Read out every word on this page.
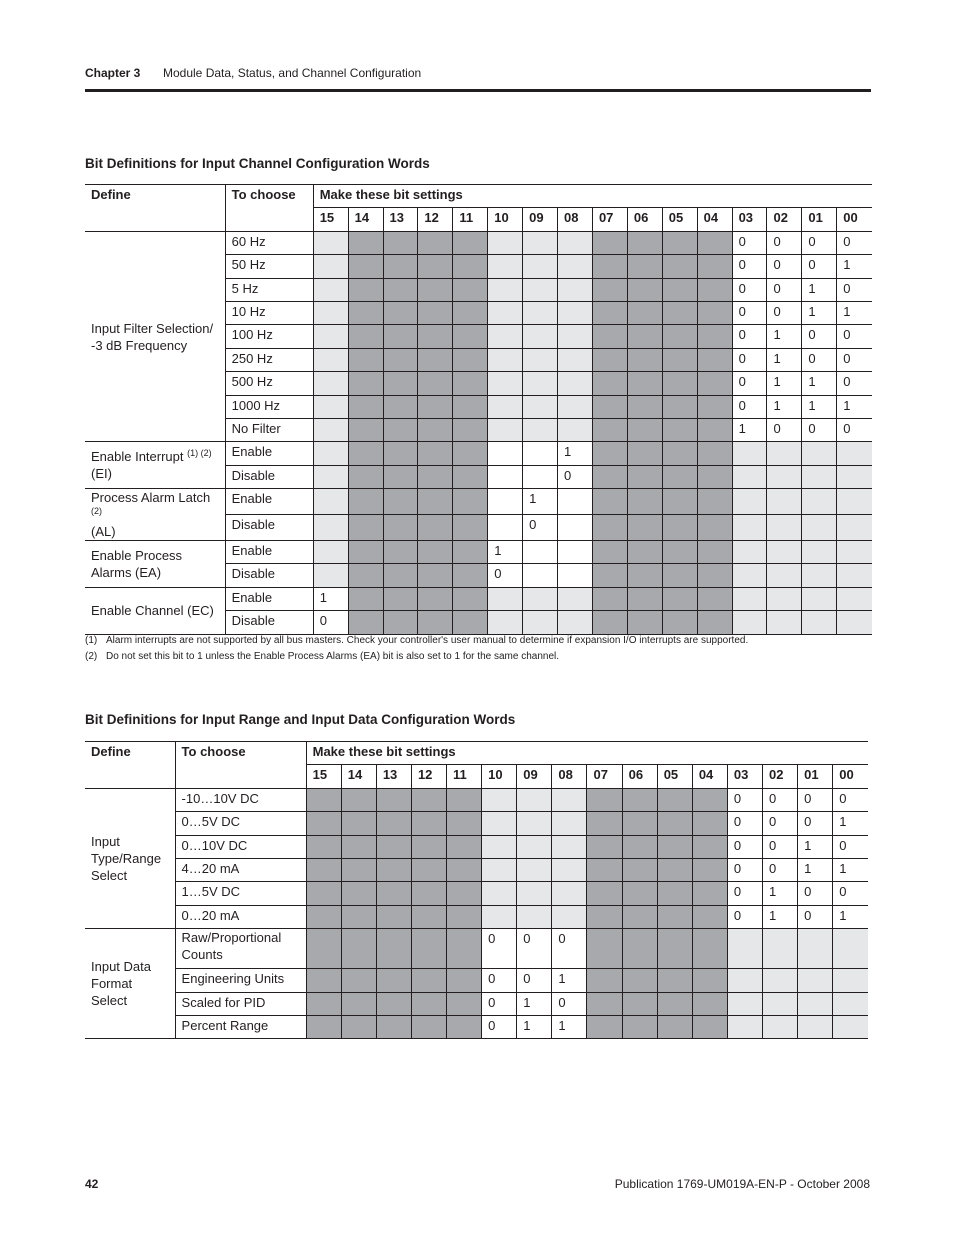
Chapter 3 Module Data, Status, and Channel Configuration
Bit Definitions for Input Channel Configuration Words
Define	To choose	Make these bit settings															
		15	14	13	12	11	10	09	08	07	06	05	04	03	02	01	00
Input Filter Selection/ -3 dB Frequency	60 Hz													0	0	0	0
	50 Hz													0	0	0	1
	5 Hz													0	0	1	0
	10 Hz													0	0	1	1
	100 Hz													0	1	0	0
	250 Hz													0	1	0	0
	500 Hz													0	1	1	0
	1000 Hz													0	1	1	1
	No Filter													1	0	0	0
Enable Interrupt $^{(1) (2)}$
(EI)	Enable								1								
	Disable								0								
Process Alarm Latch $^{(2)}$
(AL)	Enable							1									
	Disable							0									
Enable Process Alarms (EA)	Enable						1										
	Disable						0										
Enable Channel (EC)	Enable	1															
	Disable	0															
(1) Alarm interrupts are not supported by all bus masters. Check your controller's user manual to determine if expansion I/O interrupts are supported.
(2) Do not set this bit to 1 unless the Enable Process Alarms (EA) bit is also set to 1 for the same channel.
Bit Definitions for Input Range and Input Data Configuration Words
Define	To choose	Make these bit settings															
		15	14	13	12	11	10	09	08	07	06	05	04	03	02	01	00
Input Type/Range Select	-10…10V DC													0	0	0	0
	0…5V DC													0	0	0	1
	0…10V DC													0	0	1	0
	4…20 mA													0	0	1	1
	1…5V DC													0	1	0	0
	0…20 mA													0	1	0	1
Input Data Format Select	Raw/Proportional Counts						0	0	0								
	Engineering Units						0	0	1								
	Scaled for PID						0	1	0								
	Percent Range						0	1	1								
42	Publication 1769-UM019A-EN-P - October 2008
